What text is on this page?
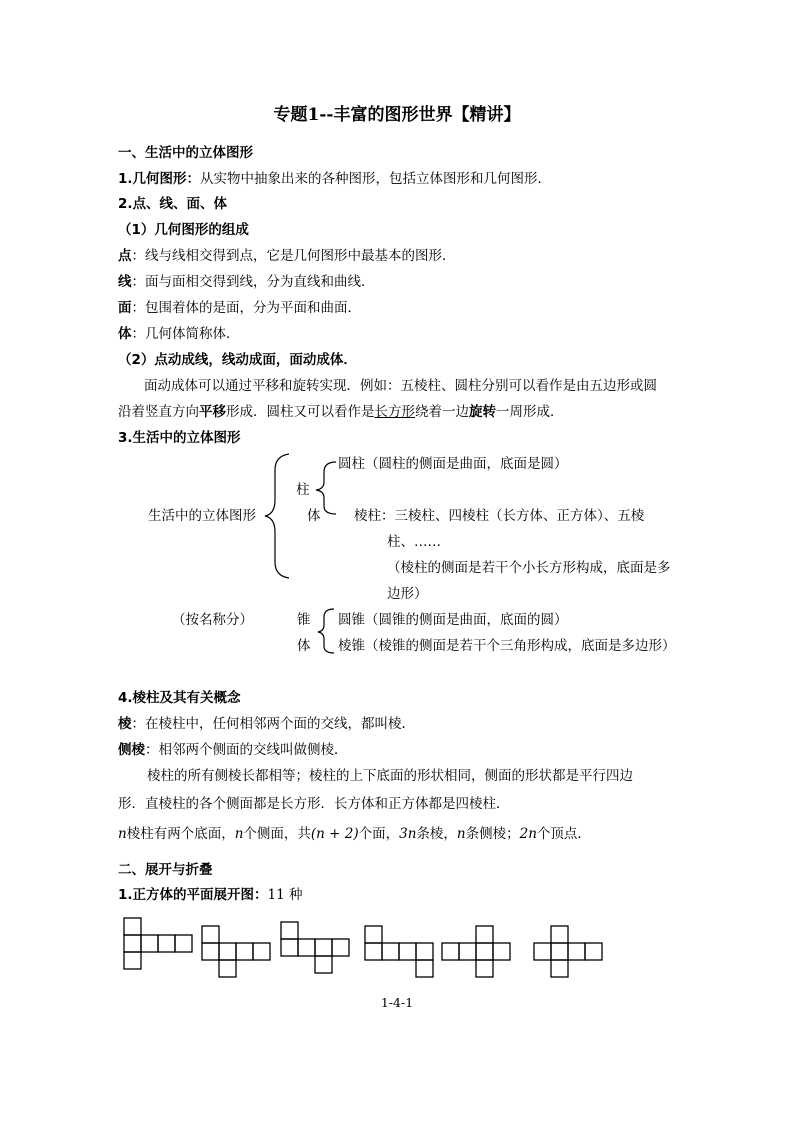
专题1--丰富的图形世界【精讲】
一、生活中的立体图形
1.几何图形：从实物中抽象出来的各种图形，包括立体图形和几何图形．
2.点、线、面、体
（1）几何图形的组成
点：线与线相交得到点，它是几何图形中最基本的图形．
线：面与面相交得到线，分为直线和曲线．
面：包围着体的是面，分为平面和曲面．
体：几何体简称体．
（2）点动成线，线动成面，面动成体．
面动成体可以通过平移和旋转实现．例如：五棱柱、圆柱分别可以看作是由五边形或圆
沿着竖直方向平移形成．圆柱又可以看作是长方形绕着一边旋转一周形成．
3.生活中的立体图形
生活中的立体图形
柱
体
圆柱（圆柱的侧面是曲面，底面是圆）
棱柱：三棱柱、四棱柱（长方体、正方体）、五棱
柱、……
（棱柱的侧面是若干个小长方形构成，底面是多
边形）
（按名称分）	锥
体
圆锥（圆锥的侧面是曲面，底面的圆）
棱锥（棱锥的侧面是若干个三角形构成，底面是多边形）
4.棱柱及其有关概念
棱：在棱柱中，任何相邻两个面的交线，都叫棱．
侧棱：相邻两个侧面的交线叫做侧棱．
棱柱的所有侧棱长都相等；棱柱的上下底面的形状相同，侧面的形状都是平行四边
形．直棱柱的各个侧面都是长方形．长方体和正方体都是四棱柱．
n棱柱有两个底面，n个侧面，共(n + 2)个面，3n条棱，n条侧棱；2n个顶点．
二、展开与折叠
1.正方体的平面展开图：11 种
1-4-1
